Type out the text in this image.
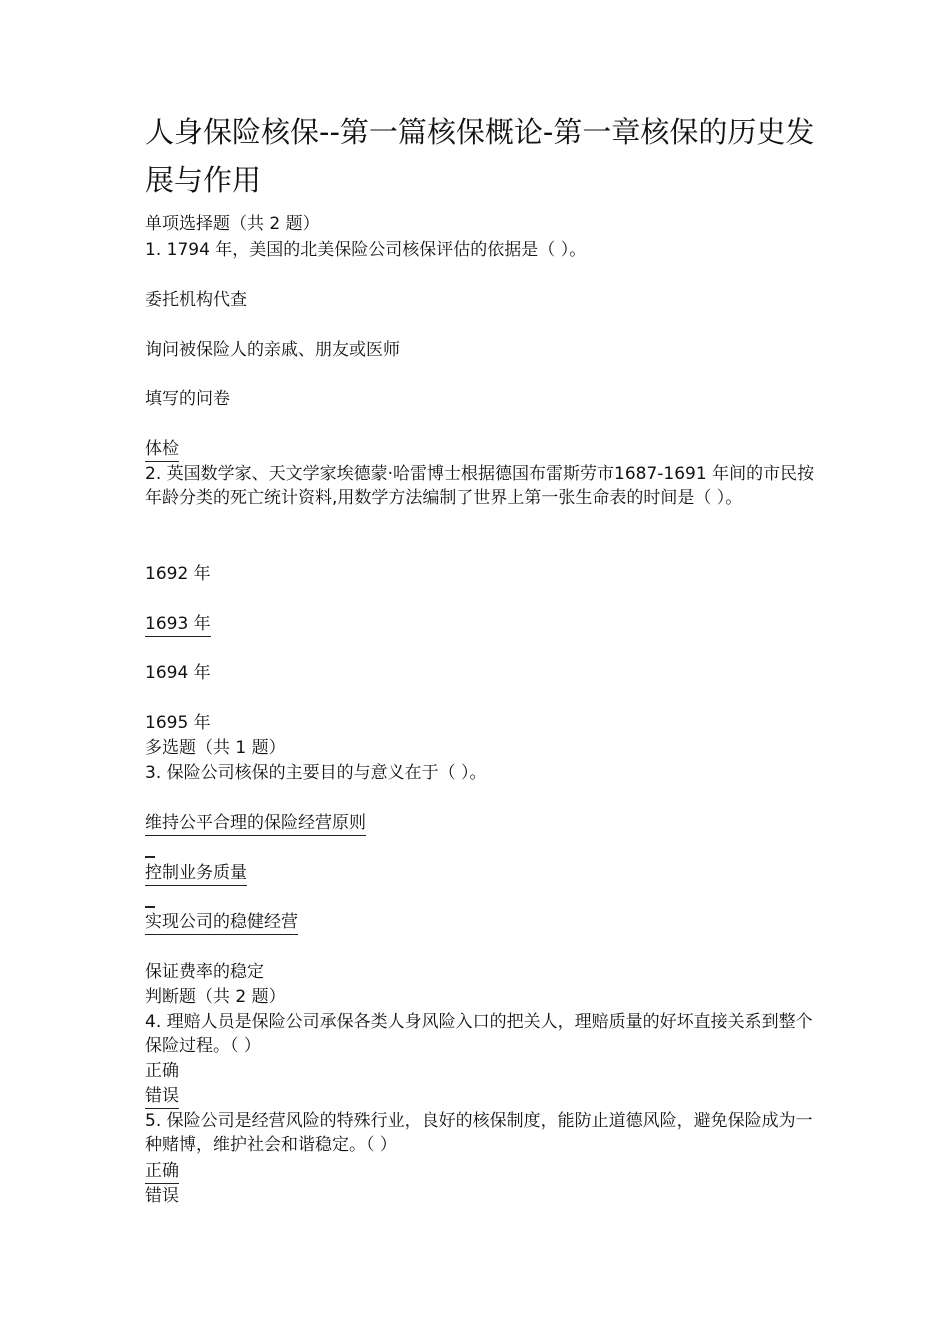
人身保险核保--第一篇核保概论-第一章核保的历史发展与作用
单项选择题（共 2 题）
1. 1794 年，美国的北美保险公司核保评估的依据是（ ）。
委托机构代查
询问被保险人的亲戚、朋友或医师
填写的问卷
体检
2. 英国数学家、天文学家埃德蒙·哈雷博士根据德国布雷斯劳市1687-1691 年间的市民按年龄分类的死亡统计资料,用数学方法编制了世界上第一张生命表的时间是（ ）。
1692 年
1693 年
1694 年
1695 年
多选题（共 1 题）
3. 保险公司核保的主要目的与意义在于（ ）。
维持公平合理的保险经营原则
控制业务质量
实现公司的稳健经营
保证费率的稳定
判断题（共 2 题）
4. 理赔人员是保险公司承保各类人身风险入口的把关人，理赔质量的好坏直接关系到整个保险过程。（ ）
正确
错误
5. 保险公司是经营风险的特殊行业，良好的核保制度，能防止道德风险，避免保险成为一种赌博，维护社会和谐稳定。（ ）
正确
错误
